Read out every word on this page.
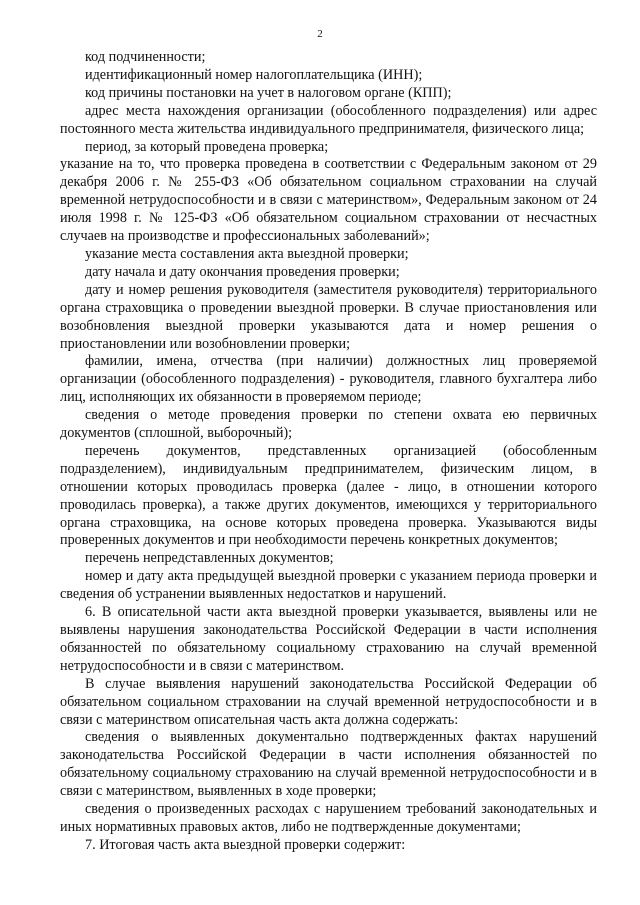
2

код подчиненности;

идентификационный номер налогоплательщика (ИНН);

код причины постановки на учет в налоговом органе (КПП);

адрес места нахождения организации (обособленного подразделения) или адрес постоянного места жительства индивидуального предпринимателя, физического лица;

период, за который проведена проверка;

указание на то, что проверка проведена в соответствии с Федеральным законом от 29 декабря 2006 г. № 255-ФЗ «Об обязательном социальном страховании на случай временной нетрудоспособности и в связи с материнством», Федеральным законом от 24 июля 1998 г. № 125-ФЗ «Об обязательном социальном страховании от несчастных случаев на производстве и профессиональных заболеваний»;

указание места составления акта выездной проверки;

дату начала и дату окончания проведения проверки;

дату и номер решения руководителя (заместителя руководителя) территориального органа страховщика о проведении выездной проверки. В случае приостановления или возобновления выездной проверки указываются дата и номер решения о приостановлении или возобновлении проверки;

фамилии, имена, отчества (при наличии) должностных лиц проверяемой организации (обособленного подразделения) - руководителя, главного бухгалтера либо лиц, исполняющих их обязанности в проверяемом периоде;

сведения о методе проведения проверки по степени охвата ею первичных документов (сплошной, выборочный);

перечень документов, представленных организацией (обособленным подразделением), индивидуальным предпринимателем, физическим лицом, в отношении которых проводилась проверка (далее - лицо, в отношении которого проводилась проверка), а также других документов, имеющихся у территориального органа страховщика, на основе которых проведена проверка. Указываются виды проверенных документов и при необходимости перечень конкретных документов;

перечень непредставленных документов;

номер и дату акта предыдущей выездной проверки с указанием периода проверки и сведения об устранении выявленных недостатков и нарушений.

6. В описательной части акта выездной проверки указывается, выявлены или не выявлены нарушения законодательства Российской Федерации в части исполнения обязанностей по обязательному социальному страхованию на случай временной нетрудоспособности и в связи с материнством.

В случае выявления нарушений законодательства Российской Федерации об обязательном социальном страховании на случай временной нетрудоспособности и в связи с материнством описательная часть акта должна содержать:

сведения о выявленных документально подтвержденных фактах нарушений законодательства Российской Федерации в части исполнения обязанностей по обязательному социальному страхованию на случай временной нетрудоспособности и в связи с материнством, выявленных в ходе проверки;

сведения о произведенных расходах с нарушением требований законодательных и иных нормативных правовых актов, либо не подтвержденные документами;

7. Итоговая часть акта выездной проверки содержит:
